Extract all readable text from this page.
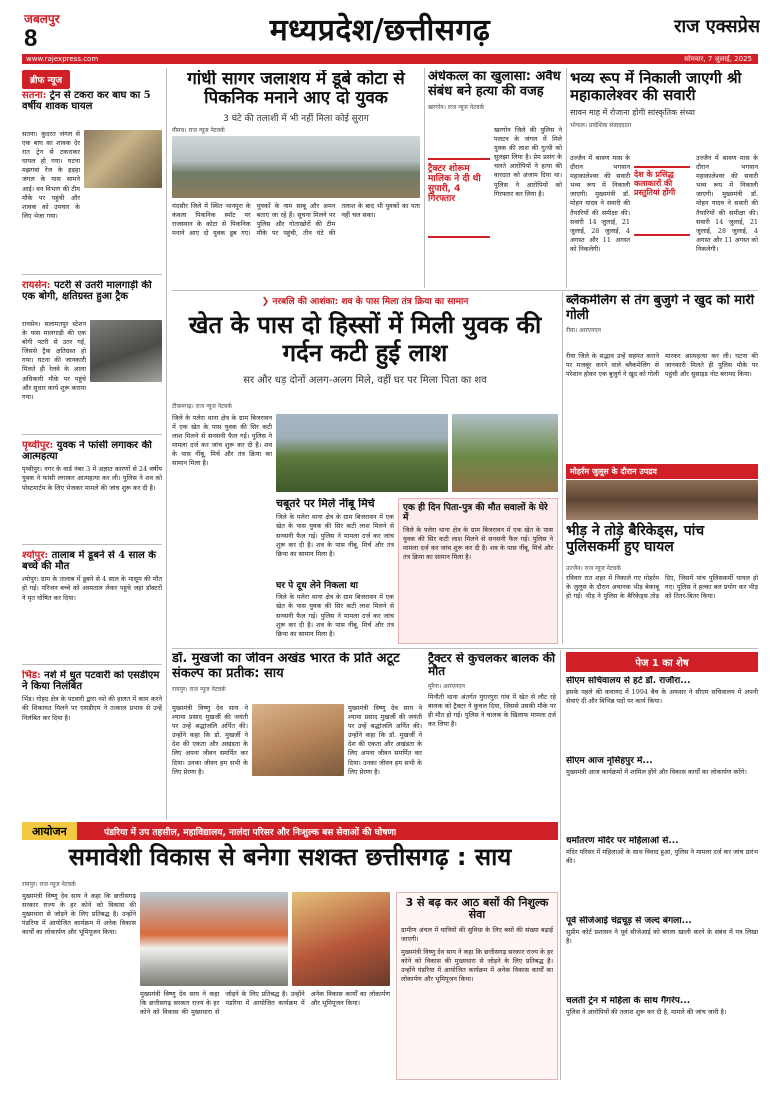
जबलपुर
8	मध्यप्रदेश/छत्तीसगढ़	राज एक्सप्रेस
www.rajexpress.com	सोमवार, 7 जुलाई, 2025
ब्रीफ न्यूज
सतना: ट्रेन से टकरा कर बाघ का 5 वर्षीय शावक घायल
सतना। कुदरत जंगल से एक बाघ का शावक देर रात ट्रेन से टकराकर घायल हो गया। घटना मझगवां रेंज के हड़हा जंगल के पास सामने आई। वन विभाग की टीम मौके पर पहुंची और शावक को उपचार के लिए भेजा गया।
रायसेन: पटरी से उतरी मालगाड़ी की एक बोगी, क्षतिग्रस्त हुआ ट्रैक
रायसेन। सलामतपुर स्टेशन के पास मालगाड़ी की एक बोगी पटरी से उतर गई, जिससे ट्रैक क्षतिग्रस्त हो गया। घटना की जानकारी मिलते ही रेलवे के आला अधिकारी मौके पर पहुंचे और सुधार कार्य शुरू कराया गया।
पृथ्वीपुर: युवक ने फांसी लगाकर की आत्महत्या
पृथ्वीपुर। नगर के वार्ड नंबर 3 में अज्ञात कारणों से 24 वर्षीय युवक ने फांसी लगाकर आत्महत्या कर ली। पुलिस ने शव को पोस्टमार्टम के लिए भेजकर मामले की जांच शुरू कर दी है।
श्योपुर: तालाब में डूबने से 4 साल के बच्चे की मौत
श्योपुर। ग्राम के तालाब में डूबने से 4 साल के मासूम की मौत हो गई। परिजन बच्चे को अस्पताल लेकर पहुंचे जहां डॉक्टरों ने मृत घोषित कर दिया।
भिंड: नशे में धुत पटवारी को एसडीएम ने किया निलंबित
भिंड। गोहद क्षेत्र के पटवारी द्वारा नशे की हालत में काम करने की शिकायत मिलने पर एसडीएम ने तत्काल प्रभाव से उन्हें निलंबित कर दिया है।
गांधी सागर जलाशय में डूबे कोटा से पिकनिक मनाने आए दो युवक
3 घंटे की तलाशी में भी नहीं मिला कोई सुराग
नीमच। राज न्यूज नेटवर्क
मंदसौर जिले में स्थित भानपुरा के कंवला पिकनिक स्पॉट पर राजस्थान के कोटा से पिकनिक मनाने आए दो युवक डूब गए। युवकों के नाम साबू और अमन बताए जा रहे हैं। सूचना मिलने पर पुलिस और गोताखोरों की टीम मौके पर पहुंची, तीन घंटे की तलाश के बाद भी युवकों का पता नहीं चल सका।
अंधेकत्ल का खुलासा: अवैध संबंध बने हत्या की वजह
खरगोन। राज न्यूज नेटवर्क
ट्रैक्टर शोरूम मालिक ने दी थी सुपारी, 4 गिरफ्तार
खरगोन जिले की पुलिस ने पलटन के जंगल में मिले युवक की लाश की गुत्थी को सुलझा लिया है। प्रेम प्रसंग के चलते आरोपियों ने हत्या की वारदात को अंजाम दिया था। पुलिस ने आरोपियों को गिरफ्तार कर लिया है।
भव्य रूप में निकाली जाएगी श्री महाकालेश्वर की सवारी
सावन माह में रोजाना होगी सांस्कृतिक संध्या
भोपाल। प्रादेशिक संवाददाता
देश के प्रसिद्ध कलाकारों की प्रस्तुतियां होंगी
उज्जैन में श्रावण मास के दौरान भगवान महाकालेश्वर की सवारी भव्य रूप में निकाली जाएगी। मुख्यमंत्री डॉ. मोहन यादव ने सवारी की तैयारियों की समीक्षा की। सवारी 14 जुलाई, 21 जुलाई, 28 जुलाई, 4 अगस्त और 11 अगस्त को निकलेगी।
उज्जैन में श्रावण मास के दौरान भगवान महाकालेश्वर की सवारी भव्य रूप में निकाली जाएगी। मुख्यमंत्री डॉ. मोहन यादव ने सवारी की तैयारियों की समीक्षा की। सवारी 14 जुलाई, 21 जुलाई, 28 जुलाई, 4 अगस्त और 11 अगस्त को निकलेगी।
❯ नरबलि की आशंका: शव के पास मिला तंत्र क्रिया का सामान
खेत के पास दो हिस्सों में मिली युवक की गर्दन कटी हुई लाश
सर और धड़ दोनों अलग-अलग मिले, वहीं घर पर मिला पिता का शव
टीकमगढ़। राज न्यूज नेटवर्क
जिले के पलेरा थाना क्षेत्र के ग्राम बिजरावन में एक खेत के पास युवक की सिर कटी लाश मिलने से सनसनी फैल गई। पुलिस ने मामला दर्ज कर जांच शुरू कर दी है। शव के पास नींबू, मिर्च और तंत्र क्रिया का सामान मिला है।
चबूतरे पर मिले नींबू मिर्च
जिले के पलेरा थाना क्षेत्र के ग्राम बिजरावन में एक खेत के पास युवक की सिर कटी लाश मिलने से सनसनी फैल गई। पुलिस ने मामला दर्ज कर जांच शुरू कर दी है। शव के पास नींबू, मिर्च और तंत्र क्रिया का सामान मिला है।
घर पे दूध लेने निकला था
जिले के पलेरा थाना क्षेत्र के ग्राम बिजरावन में एक खेत के पास युवक की सिर कटी लाश मिलने से सनसनी फैल गई। पुलिस ने मामला दर्ज कर जांच शुरू कर दी है। शव के पास नींबू, मिर्च और तंत्र क्रिया का सामान मिला है।
एक ही दिन पिता-पुत्र की मौत सवालों के घेरे में
जिले के पलेरा थाना क्षेत्र के ग्राम बिजरावन में एक खेत के पास युवक की सिर कटी लाश मिलने से सनसनी फैल गई। पुलिस ने मामला दर्ज कर जांच शुरू कर दी है। शव के पास नींबू, मिर्च और तंत्र क्रिया का सामान मिला है।
ब्लैकमेलिंग से तंग बुजुर्ग ने खुद को मारी गोली
रीवा। आरएनएन
रीवा जिले के सद्भाव उन्हें सहमत कराने पर मजबूर करने वाले ब्लैकमेलिंग से परेशान होकर एक बुजुर्ग ने खुद को गोली मारकर आत्महत्या कर ली। घटना की जानकारी मिलते ही पुलिस मौके पर पहुंची और सुसाइड नोट बरामद किया।
मोहर्रम जुलूस के दौरान उपद्रव
भीड़ ने तोड़े बैरिकेड्स, पांच पुलिसकर्मी हुए घायल
उज्जैन। राज न्यूज नेटवर्क
रविवार रात शहर में निकाले गए मोहर्रम के जुलूस के दौरान अचानक भीड़ बेकाबू हो गई। भीड़ ने पुलिस के बैरिकेड्स तोड़ दिए, जिसमें पांच पुलिसकर्मी घायल हो गए। पुलिस ने हल्का बल प्रयोग कर भीड़ को तितर-बितर किया।
डॉ. मुखर्जी का जीवन अखंड भारत के प्रति अटूट संकल्प का प्रतीक: साय
रायपुर। राज न्यूज नेटवर्क
मुख्यमंत्री विष्णु देव साय ने श्यामा प्रसाद मुखर्जी की जयंती पर उन्हें श्रद्धांजलि अर्पित की। उन्होंने कहा कि डॉ. मुखर्जी ने देश की एकता और अखंडता के लिए अपना जीवन समर्पित कर दिया। उनका जीवन हम सभी के लिए प्रेरणा है।
मुख्यमंत्री विष्णु देव साय ने श्यामा प्रसाद मुखर्जी की जयंती पर उन्हें श्रद्धांजलि अर्पित की। उन्होंने कहा कि डॉ. मुखर्जी ने देश की एकता और अखंडता के लिए अपना जीवन समर्पित कर दिया। उनका जीवन हम सभी के लिए प्रेरणा है।
ट्रैक्टर से कुचलकर बालक की मौत
मुरैना। आरएनएन
मिनौती थाना अंतर्गत मुरारपुरा गांव में खेत से लौट रहे बालक को ट्रैक्टर ने कुचल दिया, जिससे उसकी मौके पर ही मौत हो गई। पुलिस ने चालक के खिलाफ मामला दर्ज कर लिया है।
पेज 1 का शेष
सीएम सचिवालय से हटे डॉ. राजौरा...
इसके पहले की कवायद में 1994 बैच के अफसर ने सीएम सचिवालय में अपनी सेवाएं दीं और विभिन्न पदों पर कार्य किया।
सीएम आज नृसिंहपुर में...
मुख्यमंत्री आज कार्यक्रमों में शामिल होंगे और विकास कार्यों का लोकार्पण करेंगे।
धर्मांतरण मंदिर पर महिलाओं से...
मंदिर परिसर में महिलाओं के साथ विवाद हुआ, पुलिस ने मामला दर्ज कर जांच प्रारंभ की।
पूर्व सीजेआई चंद्रचूड़ से जल्द बंगला...
सुप्रीम कोर्ट प्रशासन ने पूर्व सीजेआई को बंगला खाली करने के संबंध में पत्र लिखा है।
चलती ट्रेन में महिला के साथ गैंगरेप...
पुलिस ने आरोपियों की तलाश शुरू कर दी है, मामले की जांच जारी है।
आयोजन	पंडरिया में उप तहसील, महाविद्यालय, नालंदा परिसर और निःशुल्क बस सेवाओं की घोषणा
समावेशी विकास से बनेगा सशक्त छत्तीसगढ़ : साय
रायपुर। राज न्यूज नेटवर्क
मुख्यमंत्री विष्णु देव साय ने कहा कि छत्तीसगढ़ सरकार राज्य के हर कोने को विकास की मुख्यधारा से जोड़ने के लिए प्रतिबद्ध है। उन्होंने पंडरिया में आयोजित कार्यक्रम में अनेक विकास कार्यों का लोकार्पण और भूमिपूजन किया।
मुख्यमंत्री विष्णु देव साय ने कहा कि छत्तीसगढ़ सरकार राज्य के हर कोने को विकास की मुख्यधारा से जोड़ने के लिए प्रतिबद्ध है। उन्होंने पंडरिया में आयोजित कार्यक्रम में अनेक विकास कार्यों का लोकार्पण और भूमिपूजन किया।
3 से बढ़ कर आठ बसों की निशुल्क सेवा
ग्रामीण अंचल में यात्रियों की सुविधा के लिए बसों की संख्या बढ़ाई जाएगी।
मुख्यमंत्री विष्णु देव साय ने कहा कि छत्तीसगढ़ सरकार राज्य के हर कोने को विकास की मुख्यधारा से जोड़ने के लिए प्रतिबद्ध है। उन्होंने पंडरिया में आयोजित कार्यक्रम में अनेक विकास कार्यों का लोकार्पण और भूमिपूजन किया।
